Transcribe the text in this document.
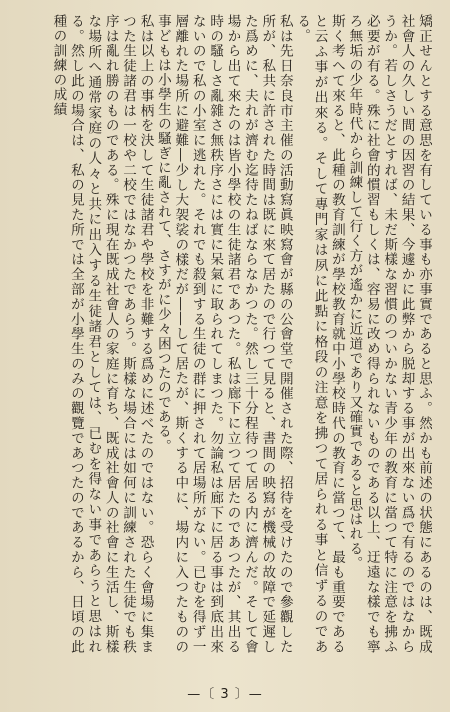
矯正せんとする意思を有している事も亦事實であると思ふ。然かも前述の状態にあるのは、既成社會人の久しい間の因習の結果、今遽かに此弊から脱却する事が出來ない爲で有るのではなからうか。若しさうだとすれば、未だ斯樣な習慣のついかない青少年の教育に當つて特に注意を拂ふ必要が有る。殊に社會的慣習もしくは、容易に改め得られないものである以上、迂遠な樣でも寧ろ無垢の少年時代から訓練して行く方が遙かに近道であり又確實であると思はれる。

斯く考へて來ると、此種の教育訓練が學校教育就中小學校時代の教育に當つて、最も重要であると云ふ事が出來る。そして專門家は夙に此點に格段の注意を拂つて居られる事と信ずるのである。

私は先日奈良市主催の活動寫眞映寫會が縣の公會堂で開催された際、招待を受けたので參觀した所が、私共に許された時間は既に來て居たので行つて見ると、書間の映寫が機械の故障で延遲した爲めに、夫れが濟む迄待たねばならなかつた。然し三十分程待つて居る内に濟んだ。そして會場から出て來たのは皆小學校の生徒諸君であつた。私は廊下に立つて居たのであつたが、其出る時の騷しさ亂雜さ無秩序さには實に呆氣に取られてしまつた。勿論私は廊下に居る事は到底出來ないので私の小室に逃れた。それでも殺到する生徒の群に押されて居場所がない。已むを得ず一層離れた場所に避難―少し大袈裟の樣だが――して居たが、斯くする中に、場内に入つたものの事どもは小學生の騷ぎに亂されて、さすがに少々困つたのである。

私は以上の事柄を決して生徒諸君や學校を非難する爲めに述べたのではない。恐らく會場に集まつた生徒諸君は一校や二校ではなかつたであらう。斯樣な場合には如何に訓練された生徒でも秩序は亂れ勝のものである。殊に現在既成社會人の家庭に育ち、既成社會人の社會に生活し、斯樣な場所へ通常家庭の人々と共に出入する生徒諸君としては、已むを得ない事であらうと思はれる。然し此の場合は、私の見た所では全部が小學生のみの觀覽であつたのであるから、日頃の此種の訓練の成績

—〔 3 〕—
